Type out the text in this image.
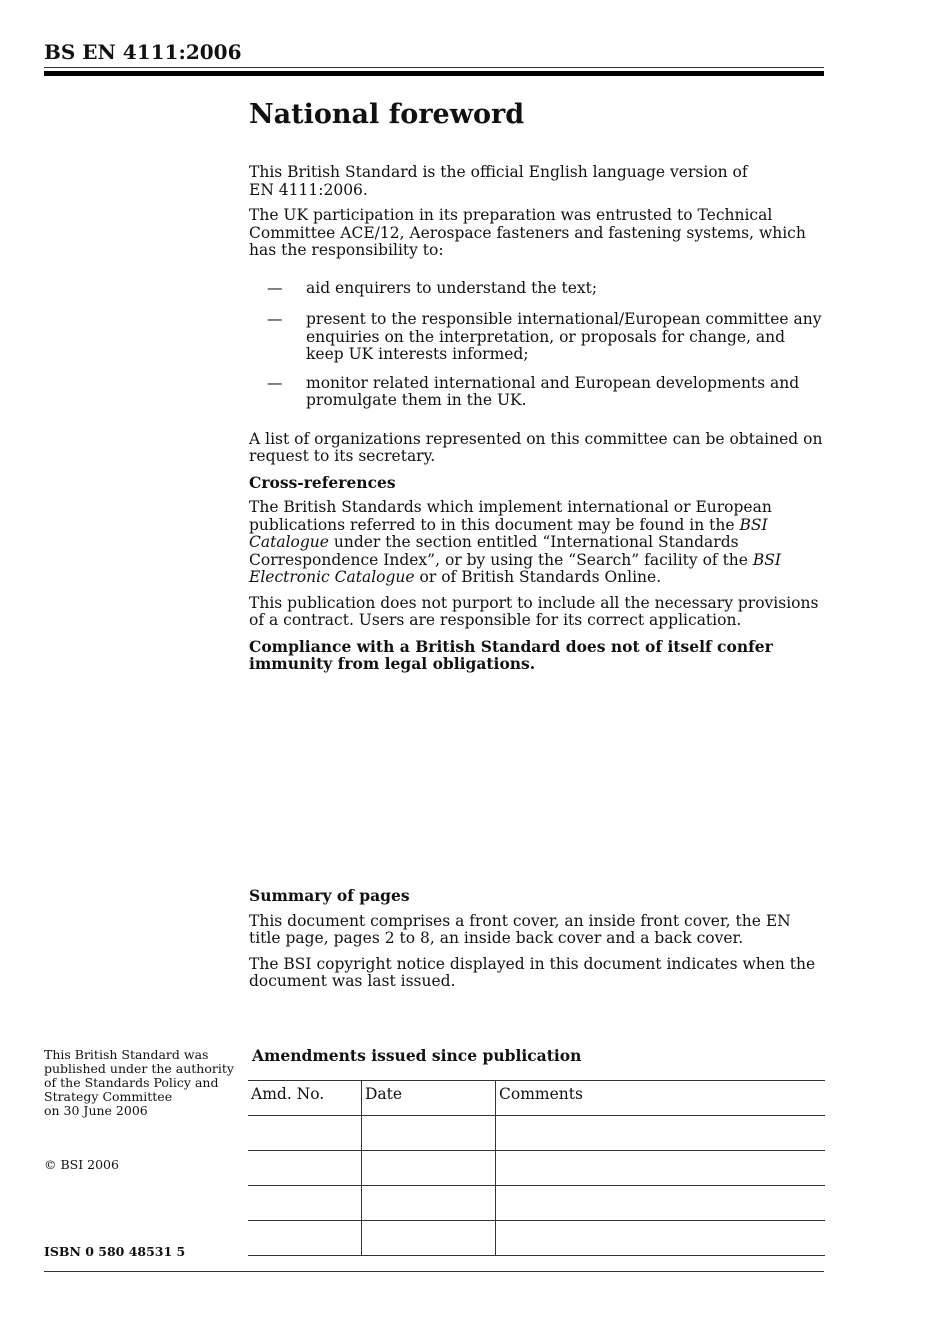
BS EN 4111:2006
National foreword

This British Standard is the official English language version of
EN 4111:2006.

The UK participation in its preparation was entrusted to Technical Committee ACE/12, Aerospace fasteners and fastening systems, which has the responsibility to:

— aid enquirers to understand the text;
— present to the responsible international/European committee any enquiries on the interpretation, or proposals for change, and keep UK interests informed;
— monitor related international and European developments and promulgate them in the UK.

A list of organizations represented on this committee can be obtained on request to its secretary.

Cross-references

The British Standards which implement international or European publications referred to in this document may be found in the BSI Catalogue under the section entitled “International Standards Correspondence Index”, or by using the “Search” facility of the BSI Electronic Catalogue or of British Standards Online.

This publication does not purport to include all the necessary provisions of a contract. Users are responsible for its correct application.

Compliance with a British Standard does not of itself confer immunity from legal obligations.

Summary of pages

This document comprises a front cover, an inside front cover, the EN title page, pages 2 to 8, an inside back cover and a back cover.

The BSI copyright notice displayed in this document indicates when the document was last issued.

This British Standard was
published under the authority
of the Standards Policy and
Strategy Committee
on 30 June 2006
© BSI 2006
ISBN 0 580 48531 5
Amendments issued since publication
Amd. No.	Date	Comments
